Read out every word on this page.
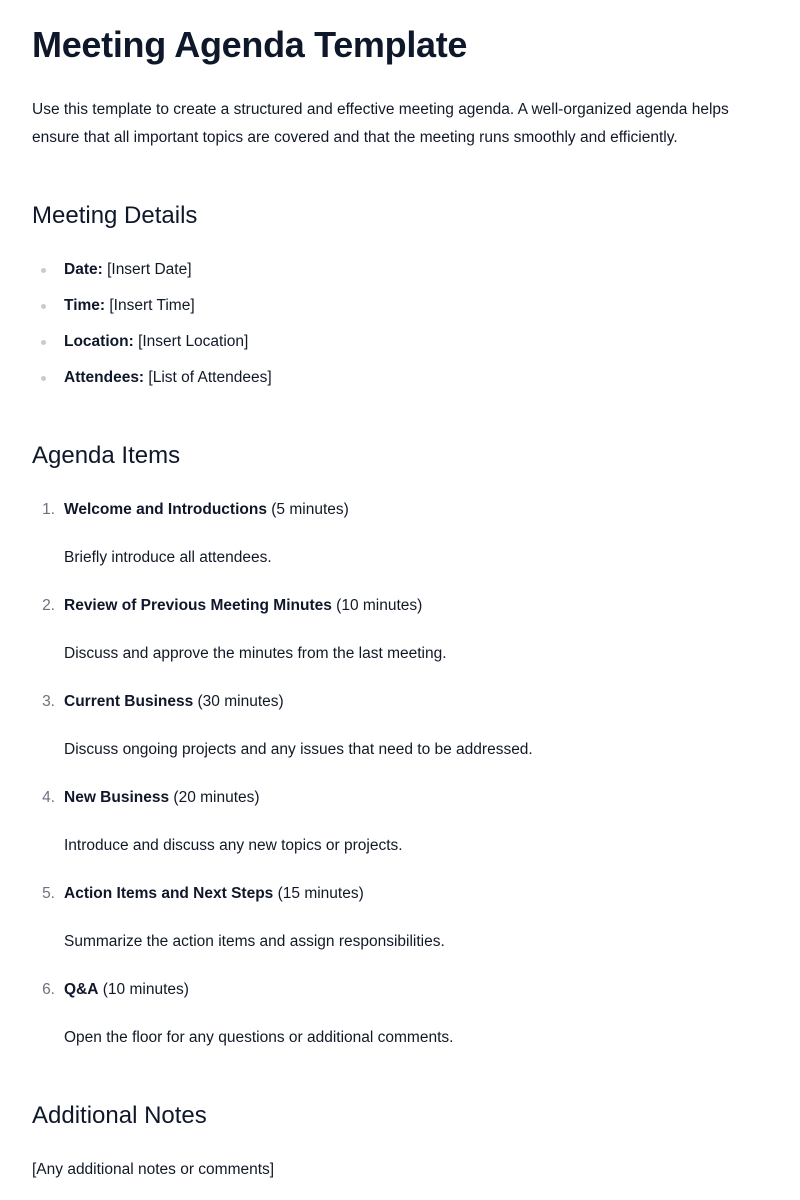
Meeting Agenda Template

Use this template to create a structured and effective meeting agenda. A well-organized agenda helps ensure that all important topics are covered and that the meeting runs smoothly and efficiently.

Meeting Details
Date: [Insert Date]
Time: [Insert Time]
Location: [Insert Location]
Attendees: [List of Attendees]
Agenda Items
1. Welcome and Introductions (5 minutes)
Briefly introduce all attendees.
2. Review of Previous Meeting Minutes (10 minutes)
Discuss and approve the minutes from the last meeting.
3. Current Business (30 minutes)
Discuss ongoing projects and any issues that need to be addressed.
4. New Business (20 minutes)
Introduce and discuss any new topics or projects.
5. Action Items and Next Steps (15 minutes)
Summarize the action items and assign responsibilities.
6. Q&A (10 minutes)
Open the floor for any questions or additional comments.
Additional Notes

[Any additional notes or comments]
